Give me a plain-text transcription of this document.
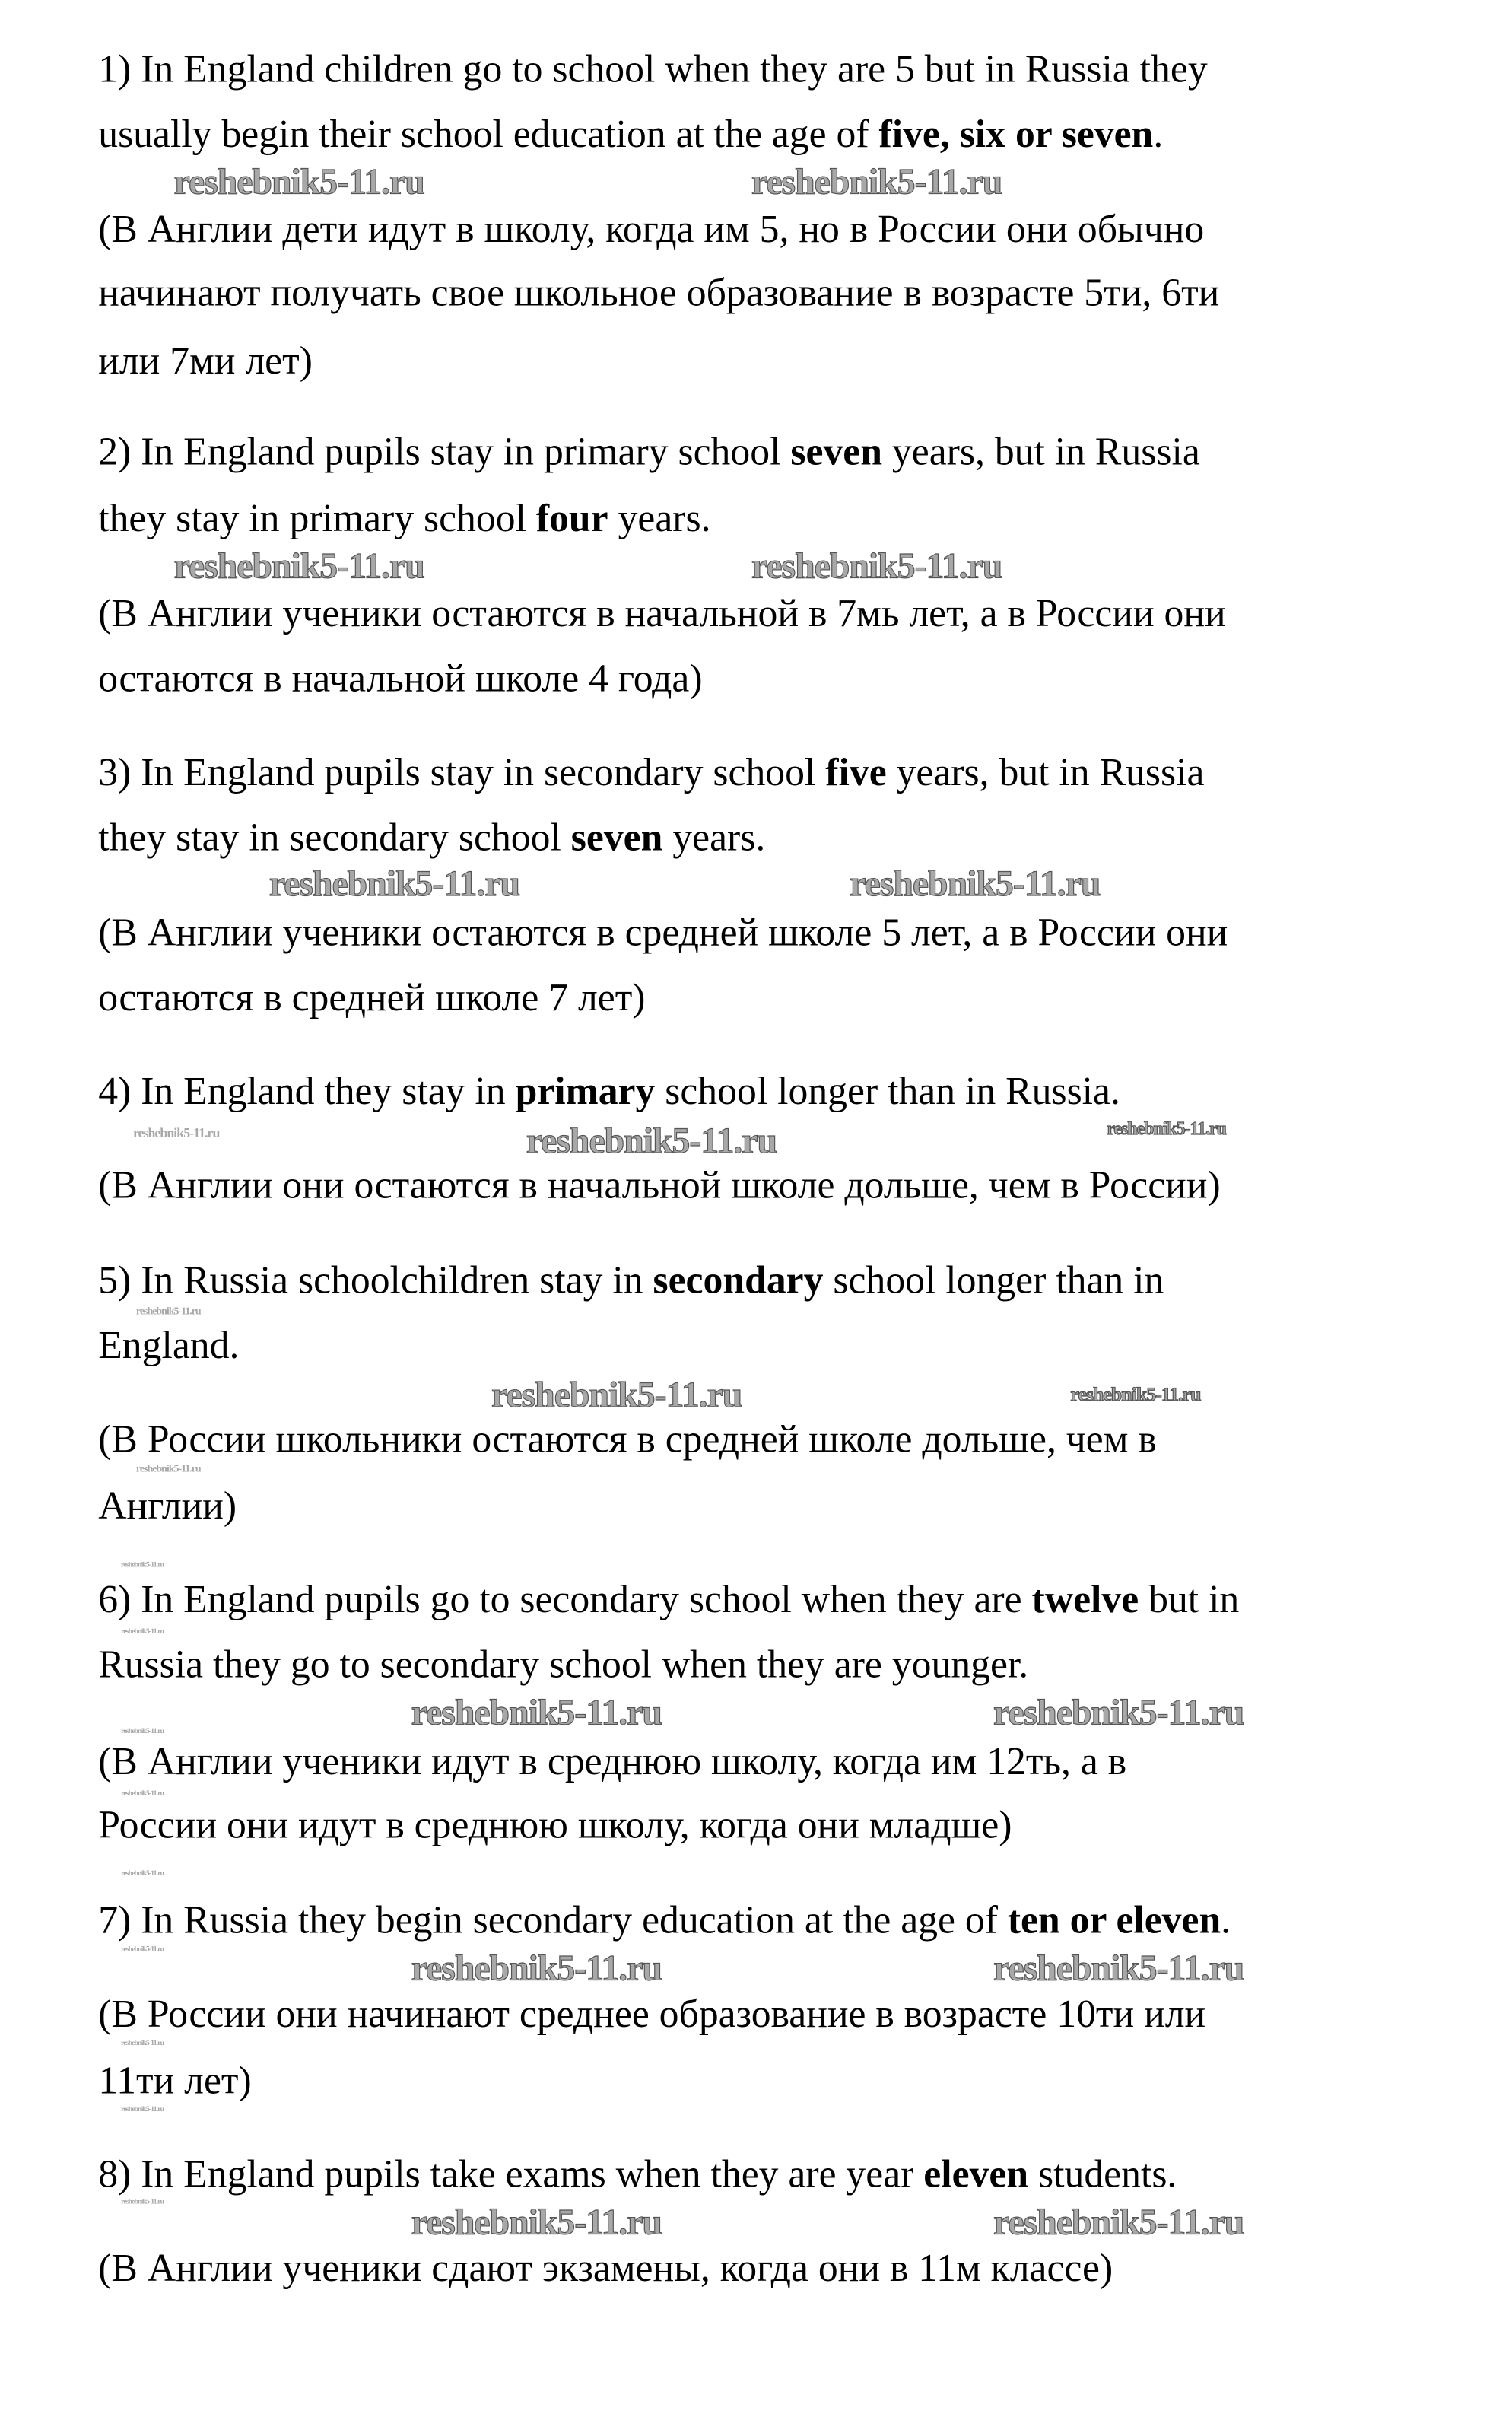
1) In England children go to school when they are 5 but in Russia they
usually begin their school education at the age of five, six or seven.
(В Англии дети идут в школу, когда им 5, но в России они обычно
начинают получать свое школьное образование в возрасте 5ти, 6ти
или 7ми лет)
2) In England pupils stay in primary school seven years, but in Russia
they stay in primary school four years.
(В Англии ученики остаются в начальной в 7мь лет, а в России они
остаются в начальной школе 4 года)
3) In England pupils stay in secondary school five years, but in Russia
they stay in secondary school seven years.
(В Англии ученики остаются в средней школе 5 лет, а в России они
остаются в средней школе 7 лет)
4) In England they stay in primary school longer than in Russia.
(В Англии они остаются в начальной школе дольше, чем в России)
5) In Russia schoolchildren stay in secondary school longer than in
England.
(В России школьники остаются в средней школе дольше, чем в
Англии)
6) In England pupils go to secondary school when they are twelve but in
Russia they go to secondary school when they are younger.
(В Англии ученики идут в среднюю школу, когда им 12ть, а в
России они идут в среднюю школу, когда они младше)
7) In Russia they begin secondary education at the age of ten or eleven.
(В России они начинают среднее образование в возрасте 10ти или
11ти лет)
8) In England pupils take exams when they are year eleven students.
(В Англии ученики сдают экзамены, когда они в 11м классе)
reshebnik5-11.ru	reshebnik5-11.ru
reshebnik5-11.ru	reshebnik5-11.ru
reshebnik5-11.ru	reshebnik5-11.ru
reshebnik5-11.ru
reshebnik5-11.ru
reshebnik5-11.ru
reshebnik5-11.ru
reshebnik5-11.ru	reshebnik5-11.ru
reshebnik5-11.ru
reshebnik5-11.ru
reshebnik5-11.ru
reshebnik5-11.ru	reshebnik5-11.ru
reshebnik5-11.ru
reshebnik5-11.ru
reshebnik5-11.ru
reshebnik5-11.ru	reshebnik5-11.ru	reshebnik5-11.ru
reshebnik5-11.ru
reshebnik5-11.ru
reshebnik5-11.ru
reshebnik5-11.ru	reshebnik5-11.ru
